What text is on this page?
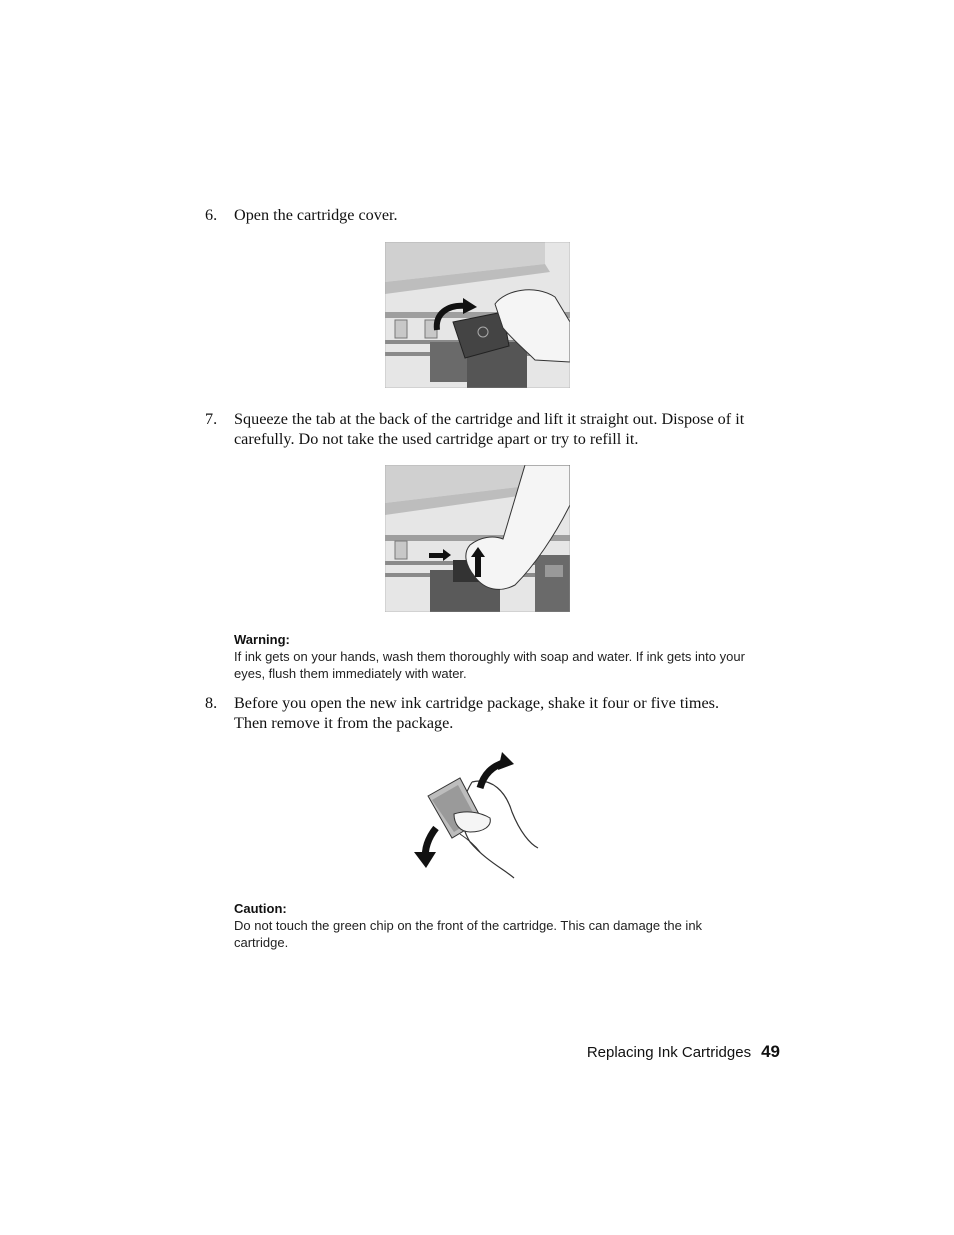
6. Open the cartridge cover.
7. Squeeze the tab at the back of the cartridge and lift it straight out. Dispose of it carefully. Do not take the used cartridge apart or try to refill it.
Warning:
If ink gets on your hands, wash them thoroughly with soap and water. If ink gets into your eyes, flush them immediately with water.
8. Before you open the new ink cartridge package, shake it four or five times. Then remove it from the package.
Caution:
Do not touch the green chip on the front of the cartridge. This can damage the ink cartridge.
Replacing Ink Cartridges 49
